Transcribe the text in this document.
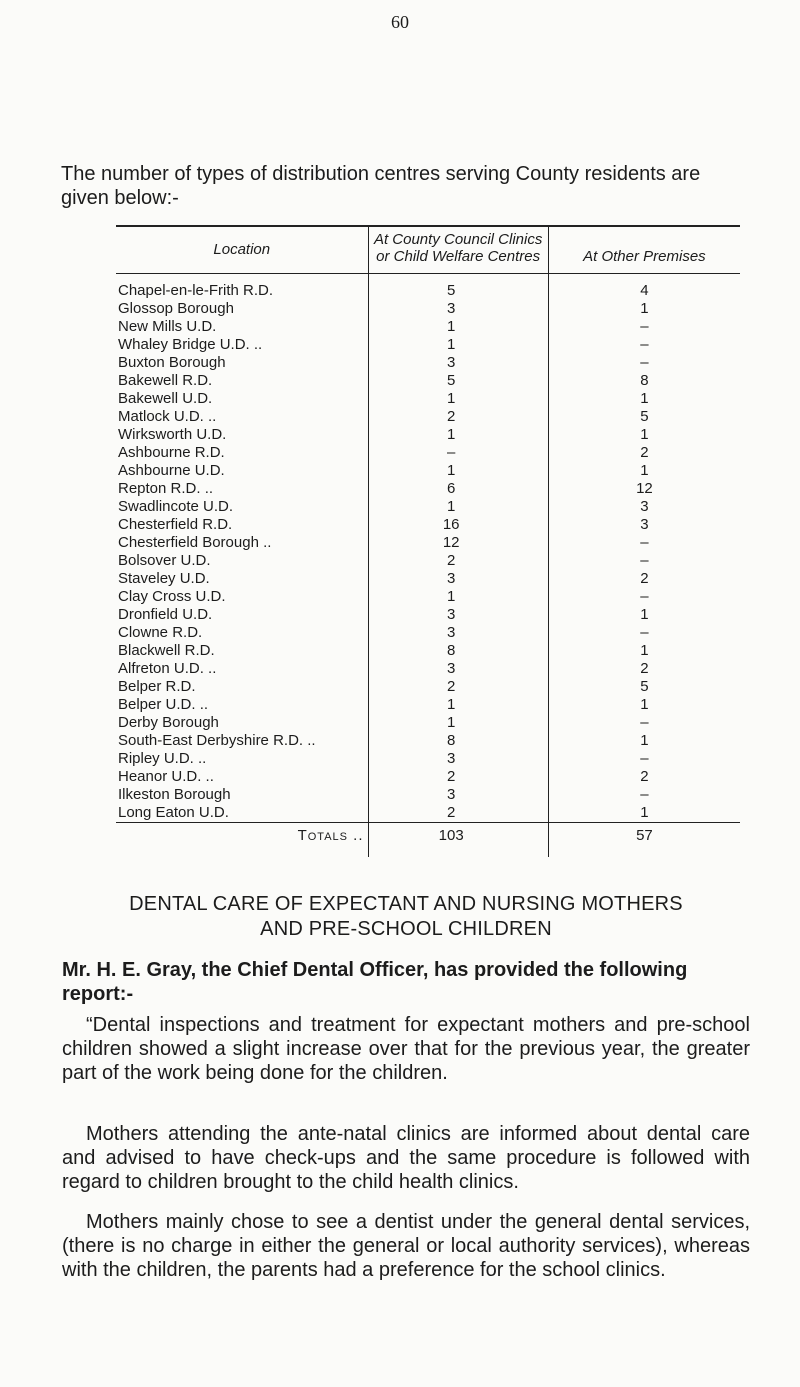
60
The number of types of distribution centres serving County residents are given below:-
Location	At County Council Clinics or Child Welfare Centres	At Other Premises
Chapel-en-le-Frith R.D.	5	4
Glossop Borough	3	1
New Mills U.D.	1	–
Whaley Bridge U.D. ..	1	–
Buxton Borough	3	–
Bakewell R.D.	5	8
Bakewell U.D.	1	1
Matlock U.D. ..	2	5
Wirksworth U.D.	1	1
Ashbourne R.D.	–	2
Ashbourne U.D.	1	1
Repton R.D. ..	6	12
Swadlincote U.D.	1	3
Chesterfield R.D.	16	3
Chesterfield Borough ..	12	–
Bolsover U.D.	2	–
Staveley U.D.	3	2
Clay Cross U.D.	1	–
Dronfield U.D.	3	1
Clowne R.D.	3	–
Blackwell R.D.	8	1
Alfreton U.D. ..	3	2
Belper R.D.	2	5
Belper U.D. ..	1	1
Derby Borough	1	–
South-East Derbyshire R.D. ..	8	1
Ripley U.D. ..	3	–
Heanor U.D. ..	2	2
Ilkeston Borough	3	–
Long Eaton U.D.	2	1
Totals ..	103	57
DENTAL CARE OF EXPECTANT AND NURSING MOTHERS
AND PRE-SCHOOL CHILDREN
Mr. H. E. Gray, the Chief Dental Officer, has provided the following report:-
“Dental inspections and treatment for expectant mothers and pre-school children showed a slight increase over that for the previous year, the greater part of the work being done for the children.
Mothers attending the ante-natal clinics are informed about dental care and advised to have check-ups and the same procedure is followed with regard to children brought to the child health clinics.
Mothers mainly chose to see a dentist under the general dental services, (there is no charge in either the general or local authority services), whereas with the children, the parents had a preference for the school clinics.
